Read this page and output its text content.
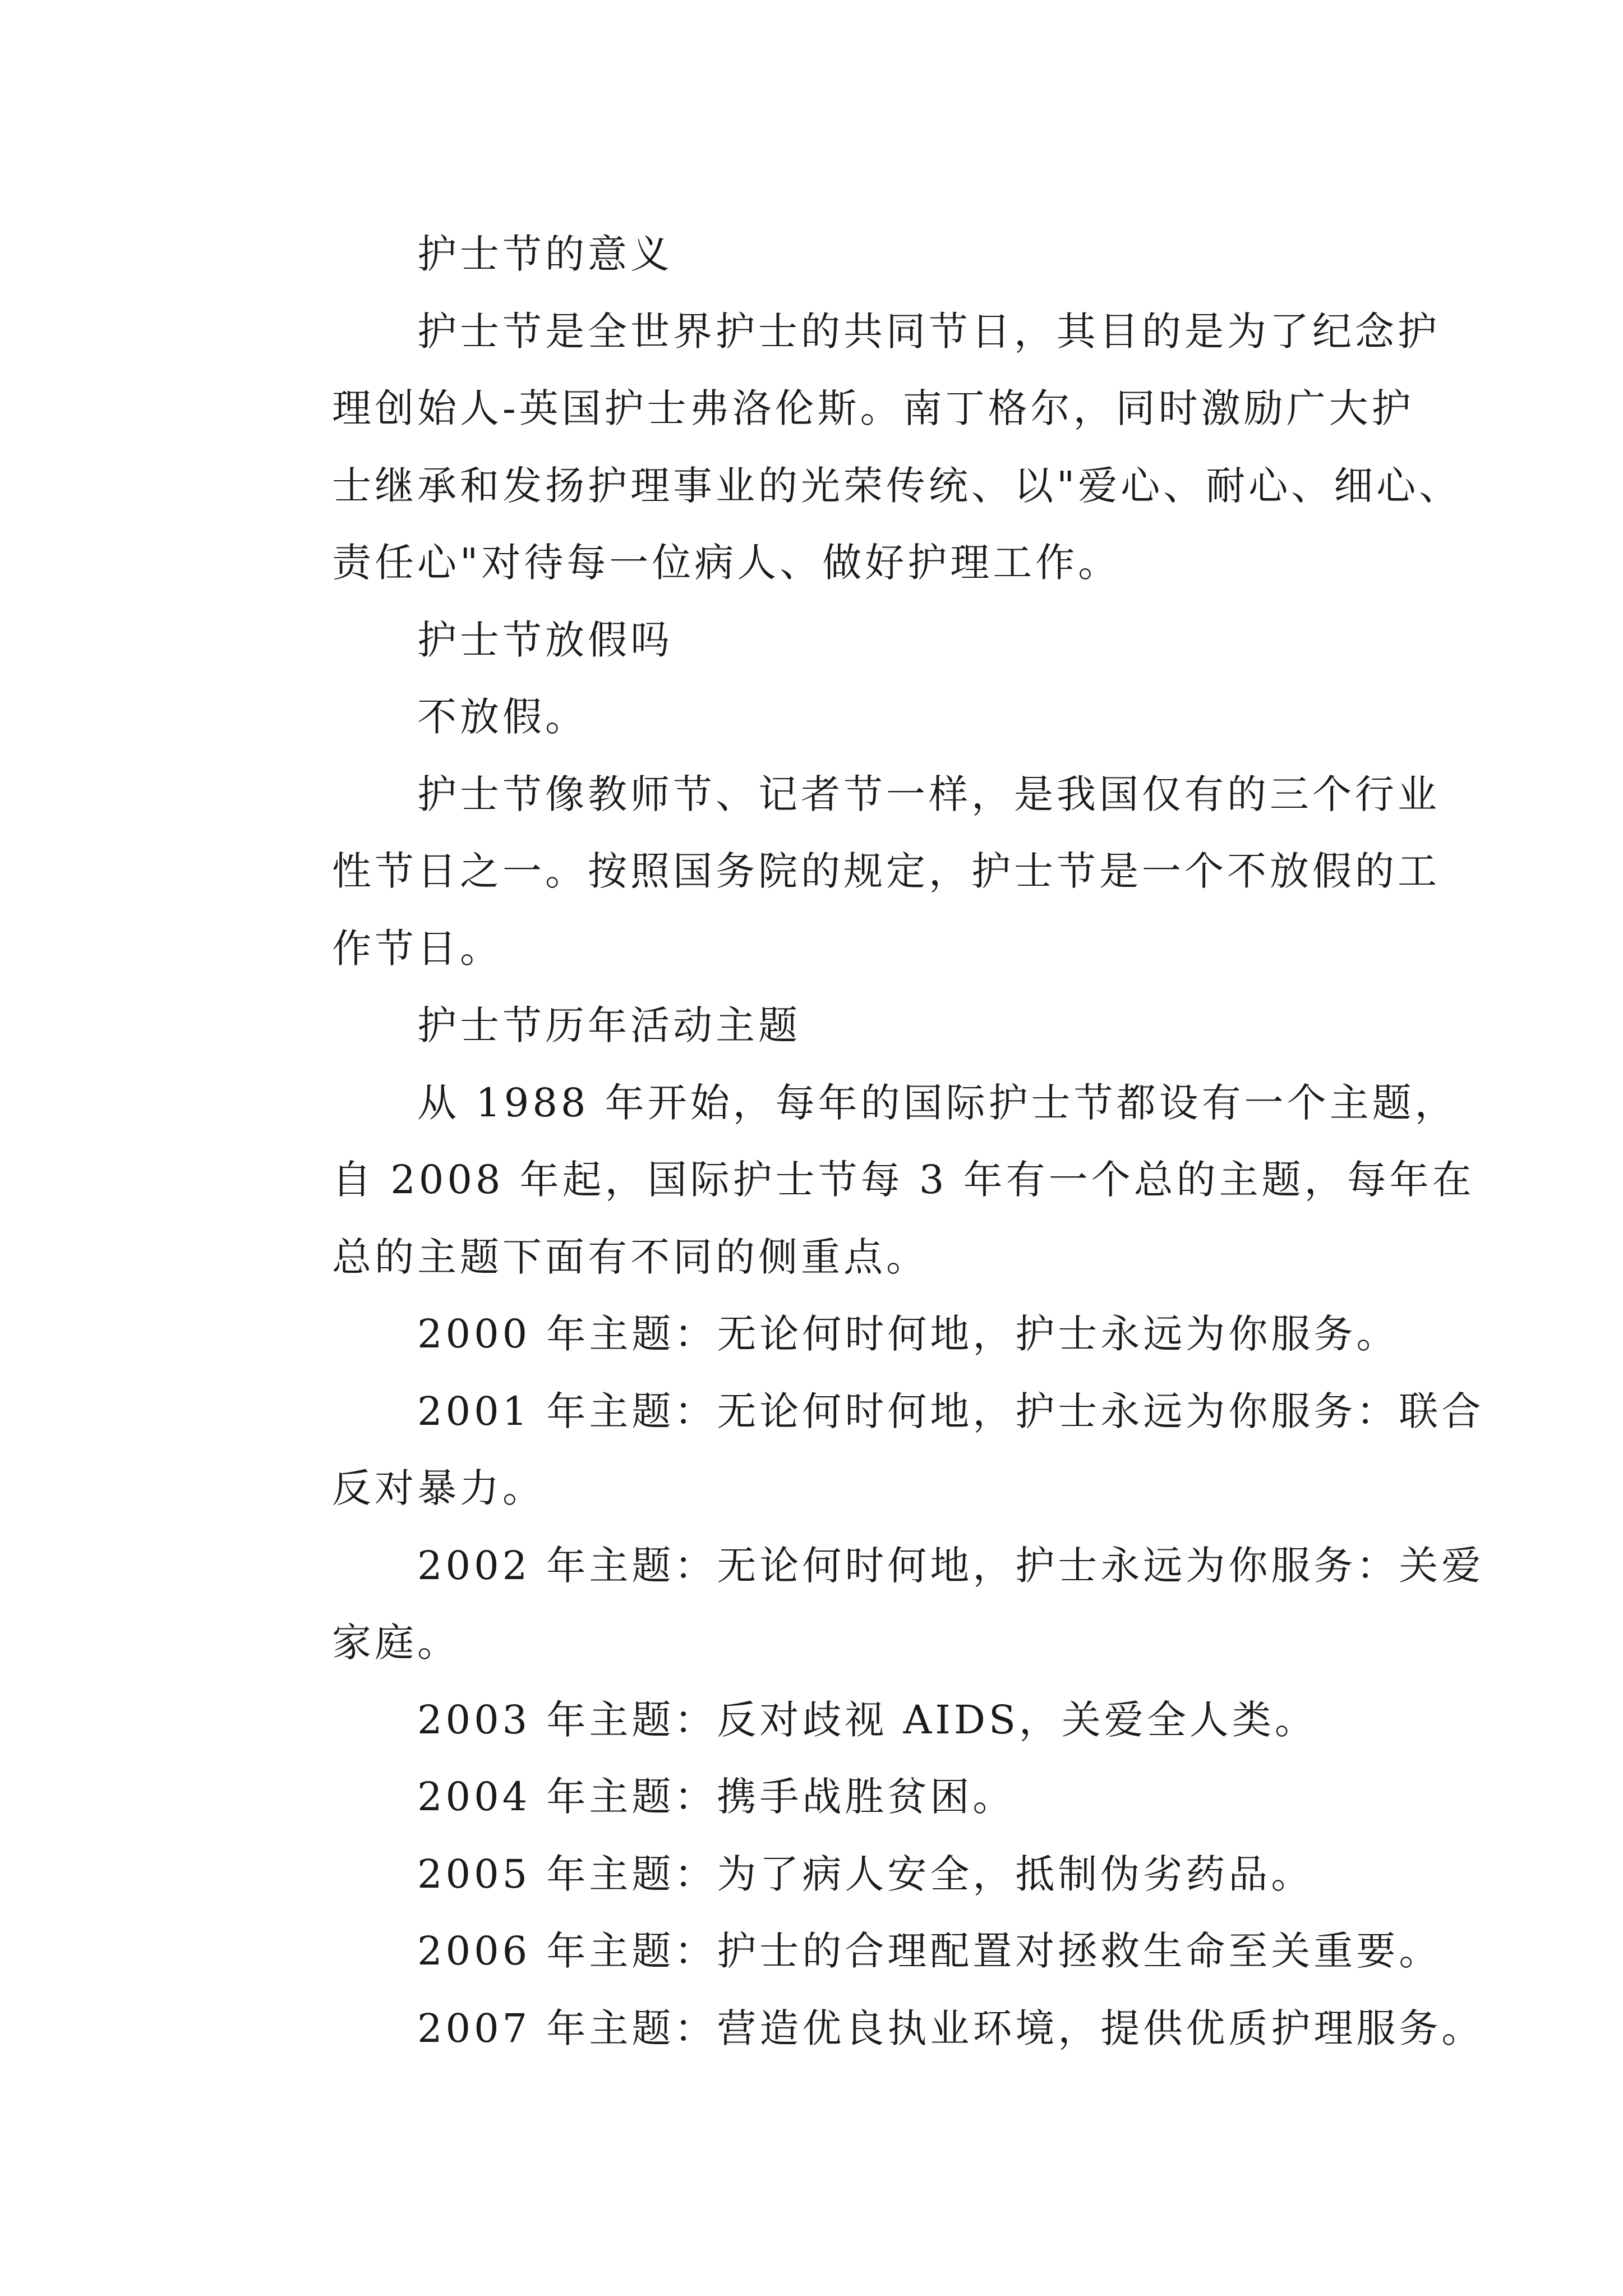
护士节的意义
护士节是全世界护士的共同节日，其目的是为了纪念护
理创始人-英国护士弗洛伦斯。南丁格尔，同时激励广大护
士继承和发扬护理事业的光荣传统、以"爱心、耐心、细心、
责任心"对待每一位病人、做好护理工作。
护士节放假吗
不放假。
护士节像教师节、记者节一样，是我国仅有的三个行业
性节日之一。按照国务院的规定，护士节是一个不放假的工
作节日。
护士节历年活动主题
从 1988 年开始，每年的国际护士节都设有一个主题，
自 2008 年起，国际护士节每 3 年有一个总的主题，每年在
总的主题下面有不同的侧重点。
2000 年主题：无论何时何地，护士永远为你服务。
2001 年主题：无论何时何地，护士永远为你服务：联合
反对暴力。
2002 年主题：无论何时何地，护士永远为你服务：关爱
家庭。
2003 年主题：反对歧视 AIDS，关爱全人类。
2004 年主题：携手战胜贫困。
2005 年主题：为了病人安全，抵制伪劣药品。
2006 年主题：护士的合理配置对拯救生命至关重要。
2007 年主题：营造优良执业环境，提供优质护理服务。
